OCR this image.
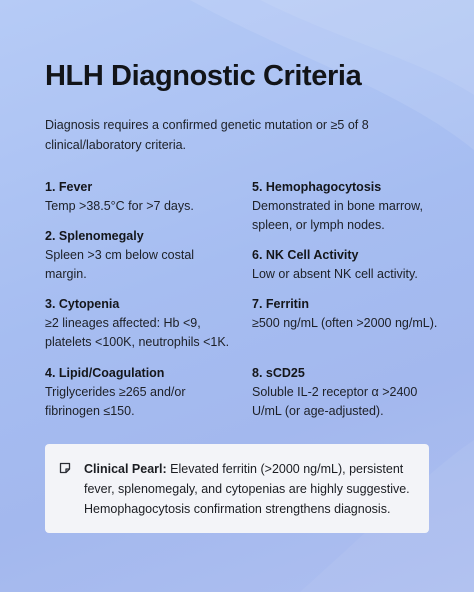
HLH Diagnostic Criteria

Diagnosis requires a confirmed genetic mutation or ≥5 of 8 clinical/laboratory criteria.

1. Fever
Temp >38.5°C for >7 days.
2. Splenomegaly
Spleen >3 cm below costal margin.
3. Cytopenia
≥2 lineages affected: Hb <9, platelets <100K, neutrophils <1K.
4. Lipid/Coagulation
Triglycerides ≥265 and/or fibrinogen ≤150.
5. Hemophagocytosis
Demonstrated in bone marrow, spleen, or lymph nodes.
6. NK Cell Activity
Low or absent NK cell activity.
7. Ferritin
≥500 ng/mL (often >2000 ng/mL).
8. sCD25
Soluble IL-2 receptor α >2400 U/mL (or age-adjusted).
Clinical Pearl: Elevated ferritin (>2000 ng/mL), persistent fever, splenomegaly, and cytopenias are highly suggestive. Hemophagocytosis confirmation strengthens diagnosis.
